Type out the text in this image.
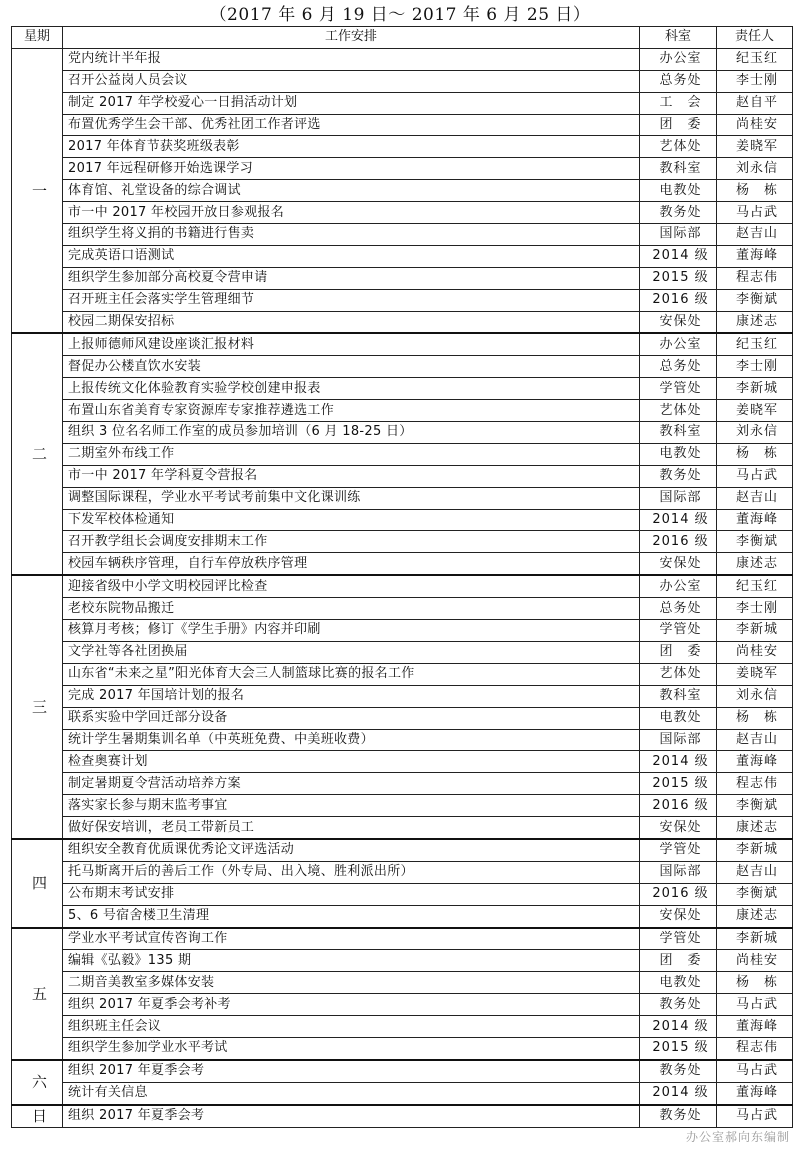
（2017 年 6 月 19 日～ 2017 年 6 月 25 日）
星期	工作安排	科室	责任人
一	党内统计半年报	办公室	纪玉红
	召开公益岗人员会议	总务处	李士刚
	制定 2017 年学校爱心一日捐活动计划	工　会	赵自平
	布置优秀学生会干部、优秀社团工作者评选	团　委	尚桂安
	2017 年体育节获奖班级表彰	艺体处	姜晓军
	2017 年远程研修开始选课学习	教科室	刘永信
	体育馆、礼堂设备的综合调试	电教处	杨　栋
	市一中 2017 年校园开放日参观报名	教务处	马占武
	组织学生将义捐的书籍进行售卖	国际部	赵吉山
	完成英语口语测试	2014 级	董海峰
	组织学生参加部分高校夏令营申请	2015 级	程志伟
	召开班主任会落实学生管理细节	2016 级	李衡斌
	校园二期保安招标	安保处	康述志
二	上报师德师风建设座谈汇报材料	办公室	纪玉红
	督促办公楼直饮水安装	总务处	李士刚
	上报传统文化体验教育实验学校创建申报表	学管处	李新城
	布置山东省美育专家资源库专家推荐遴选工作	艺体处	姜晓军
	组织 3 位名名师工作室的成员参加培训（6 月 18-25 日）	教科室	刘永信
	二期室外布线工作	电教处	杨　栋
	市一中 2017 年学科夏令营报名	教务处	马占武
	调整国际课程，学业水平考试考前集中文化课训练	国际部	赵吉山
	下发军校体检通知	2014 级	董海峰
	召开教学组长会调度安排期末工作	2016 级	李衡斌
	校园车辆秩序管理，自行车停放秩序管理	安保处	康述志
三	迎接省级中小学文明校园评比检查	办公室	纪玉红
	老校东院物品搬迁	总务处	李士刚
	核算月考核；修订《学生手册》内容并印刷	学管处	李新城
	文学社等各社团换届	团　委	尚桂安
	山东省“未来之星”阳光体育大会三人制篮球比赛的报名工作	艺体处	姜晓军
	完成 2017 年国培计划的报名	教科室	刘永信
	联系实验中学回迁部分设备	电教处	杨　栋
	统计学生暑期集训名单（中英班免费、中美班收费）	国际部	赵吉山
	检查奥赛计划	2014 级	董海峰
	制定暑期夏令营活动培养方案	2015 级	程志伟
	落实家长参与期末监考事宜	2016 级	李衡斌
	做好保安培训，老员工带新员工	安保处	康述志
四	组织安全教育优质课优秀论文评选活动	学管处	李新城
	托马斯离开后的善后工作（外专局、出入境、胜利派出所）	国际部	赵吉山
	公布期末考试安排	2016 级	李衡斌
	5、6 号宿舍楼卫生清理	安保处	康述志
五	学业水平考试宣传咨询工作	学管处	李新城
	编辑《弘毅》135 期	团　委	尚桂安
	二期音美教室多媒体安装	电教处	杨　栋
	组织 2017 年夏季会考补考	教务处	马占武
	组织班主任会议	2014 级	董海峰
	组织学生参加学业水平考试	2015 级	程志伟
六	组织 2017 年夏季会考	教务处	马占武
	统计有关信息	2014 级	董海峰
日	组织 2017 年夏季会考	教务处	马占武
办公室郝向东编制
